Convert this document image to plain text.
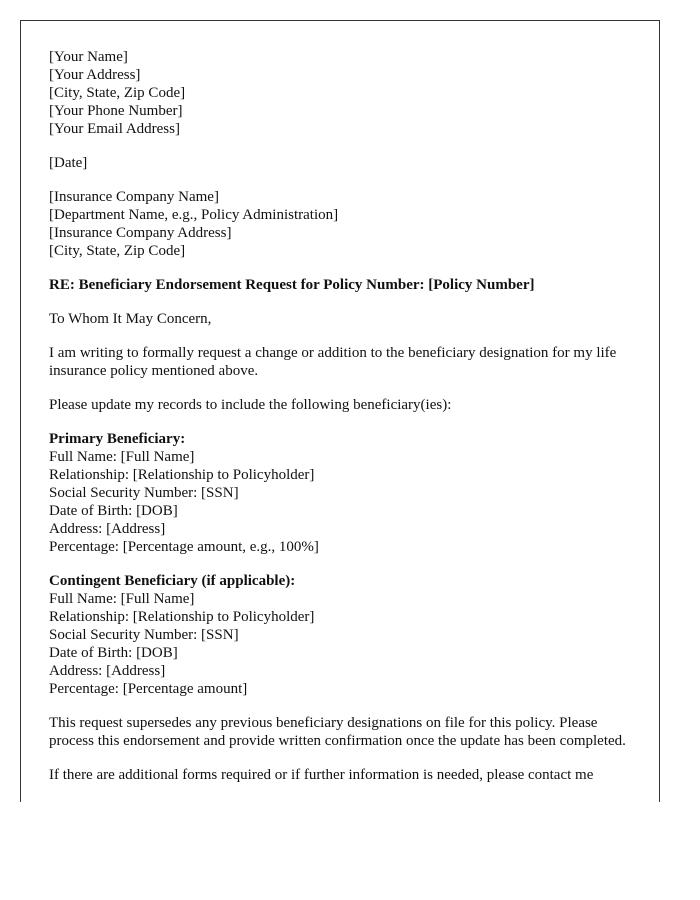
[Your Name]
[Your Address]
[City, State, Zip Code]
[Your Phone Number]
[Your Email Address]

[Date]

[Insurance Company Name]
[Department Name, e.g., Policy Administration]
[Insurance Company Address]
[City, State, Zip Code]

RE: Beneficiary Endorsement Request for Policy Number: [Policy Number]

To Whom It May Concern,

I am writing to formally request a change or addition to the beneficiary designation for my life insurance policy mentioned above.

Please update my records to include the following beneficiary(ies):

Primary Beneficiary:
Full Name: [Full Name]
Relationship: [Relationship to Policyholder]
Social Security Number: [SSN]
Date of Birth: [DOB]
Address: [Address]
Percentage: [Percentage amount, e.g., 100%]

Contingent Beneficiary (if applicable):
Full Name: [Full Name]
Relationship: [Relationship to Policyholder]
Social Security Number: [SSN]
Date of Birth: [DOB]
Address: [Address]
Percentage: [Percentage amount]

This request supersedes any previous beneficiary designations on file for this policy. Please process this endorsement and provide written confirmation once the update has been completed.

If there are additional forms required or if further information is needed, please contact me
